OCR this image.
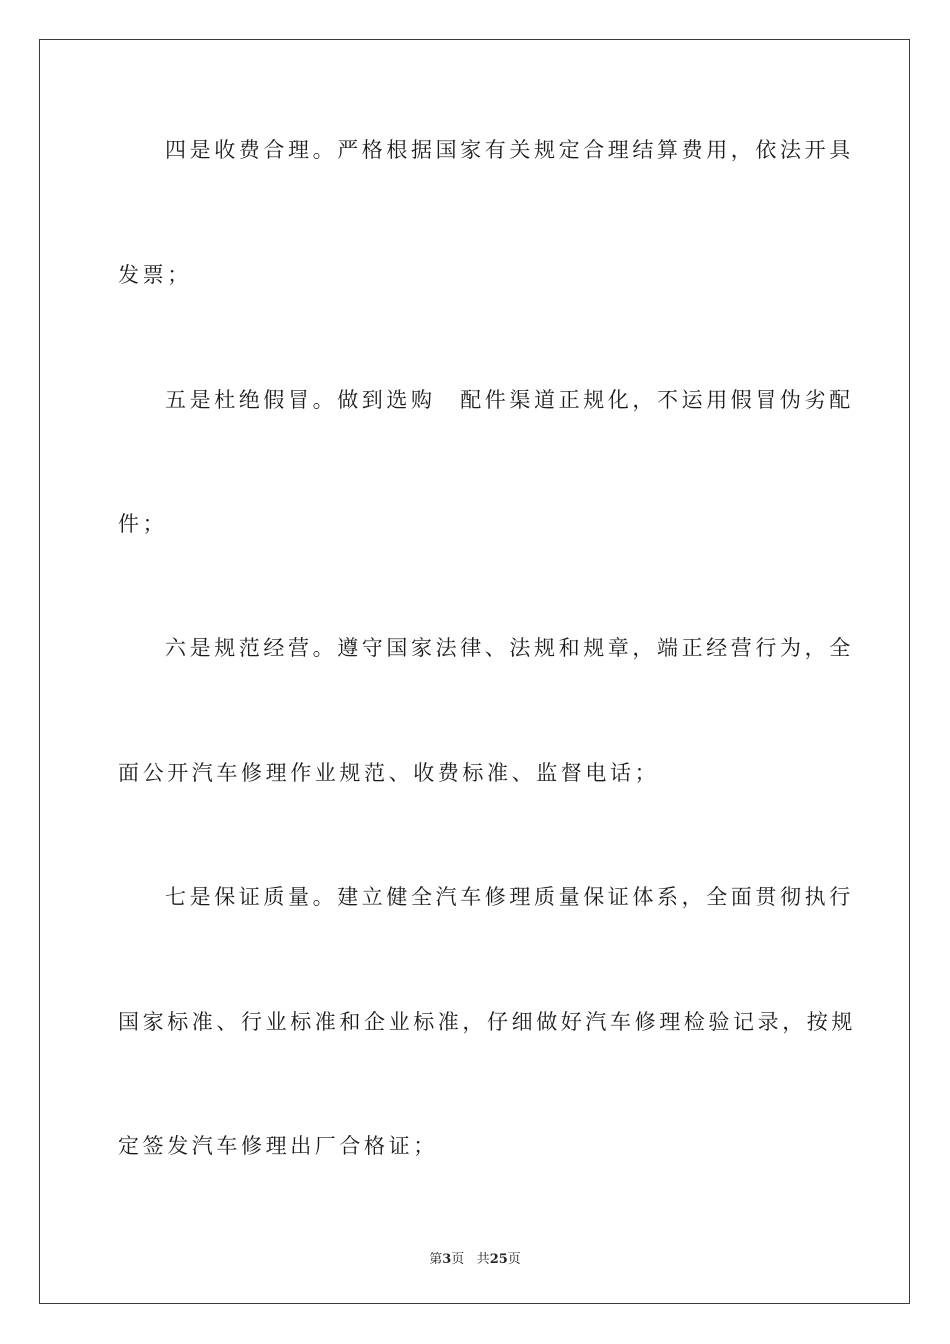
四是收费合理。严格根据国家有关规定合理结算费用，依法开具
发票；
五是杜绝假冒。做到选购　配件渠道正规化，不运用假冒伪劣配
件；
六是规范经营。遵守国家法律、法规和规章，端正经营行为，全
面公开汽车修理作业规范、收费标准、监督电话；
七是保证质量。建立健全汽车修理质量保证体系，全面贯彻执行
国家标准、行业标准和企业标准，仔细做好汽车修理检验记录，按规
定签发汽车修理出厂合格证；
第3页 共25页
